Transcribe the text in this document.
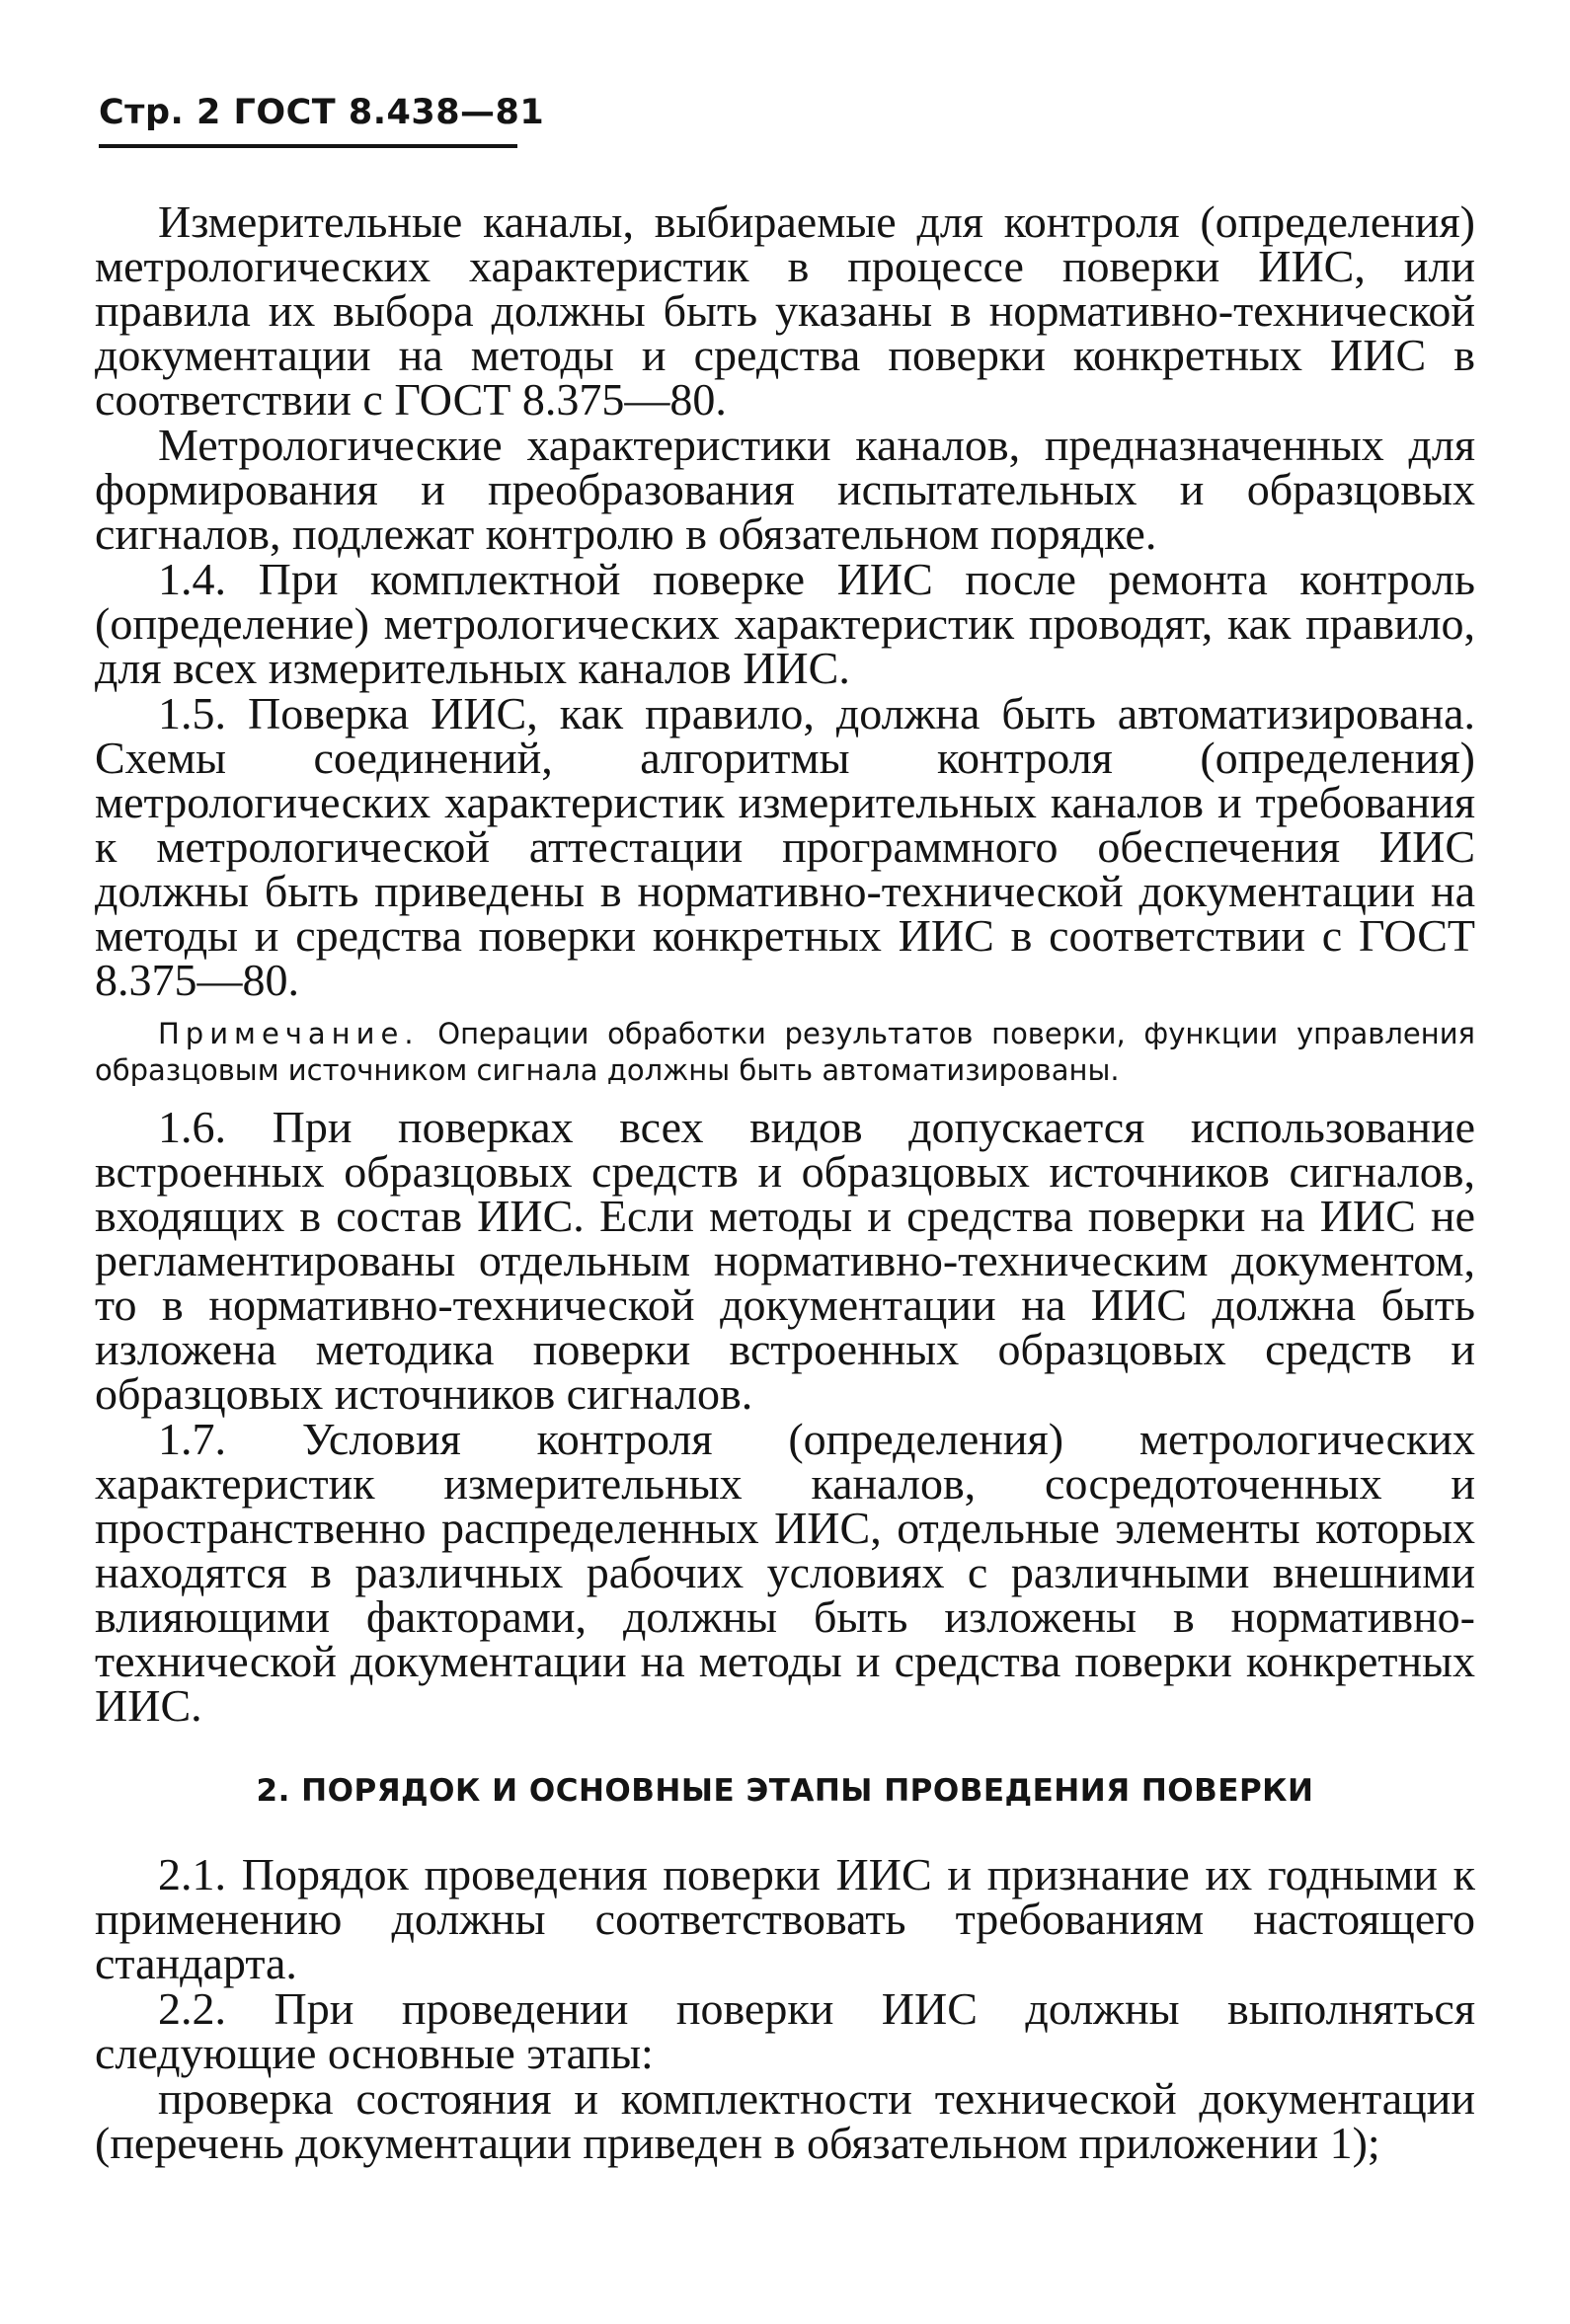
Стр. 2 ГОСТ 8.438—81

Измерительные каналы, выбираемые для контроля (определения) метрологических характеристик в процессе поверки ИИС, или правила их выбора должны быть указаны в нормативно-технической документации на методы и средства поверки конкретных ИИС в соответствии с ГОСТ 8.375—80.

Метрологические характеристики каналов, предназначенных для формирования и преобразования испытательных и образцовых сигналов, подлежат контролю в обязательном порядке.

1.4. При комплектной поверке ИИС после ремонта контроль (определение) метрологических характеристик проводят, как правило, для всех измерительных каналов ИИС.

1.5. Поверка ИИС, как правило, должна быть автоматизирована. Схемы соединений, алгоритмы контроля (определения) метрологических характеристик измерительных каналов и требования к метрологической аттестации программного обеспечения ИИС должны быть приведены в нормативно-технической документации на методы и средства поверки конкретных ИИС в соответствии с ГОСТ 8.375—80.

Примечание. Операции обработки результатов поверки, функции управления образцовым источником сигнала должны быть автоматизированы.

1.6. При поверках всех видов допускается использование встроенных образцовых средств и образцовых источников сигналов, входящих в состав ИИС. Если методы и средства поверки на ИИС не регламентированы отдельным нормативно-техническим документом, то в нормативно-технической документации на ИИС должна быть изложена методика поверки встроенных образцовых средств и образцовых источников сигналов.

1.7. Условия контроля (определения) метрологических характеристик измерительных каналов, сосредоточенных и пространственно распределенных ИИС, отдельные элементы которых находятся в различных рабочих условиях с различными внешними влияющими факторами, должны быть изложены в нормативно-технической документации на методы и средства поверки конкретных ИИС.

2. ПОРЯДОК И ОСНОВНЫЕ ЭТАПЫ ПРОВЕДЕНИЯ ПОВЕРКИ

2.1. Порядок проведения поверки ИИС и признание их годными к применению должны соответствовать требованиям настоящего стандарта.

2.2. При проведении поверки ИИС должны выполняться следующие основные этапы:

проверка состояния и комплектности технической документации (перечень документации приведен в обязательном приложении 1);
